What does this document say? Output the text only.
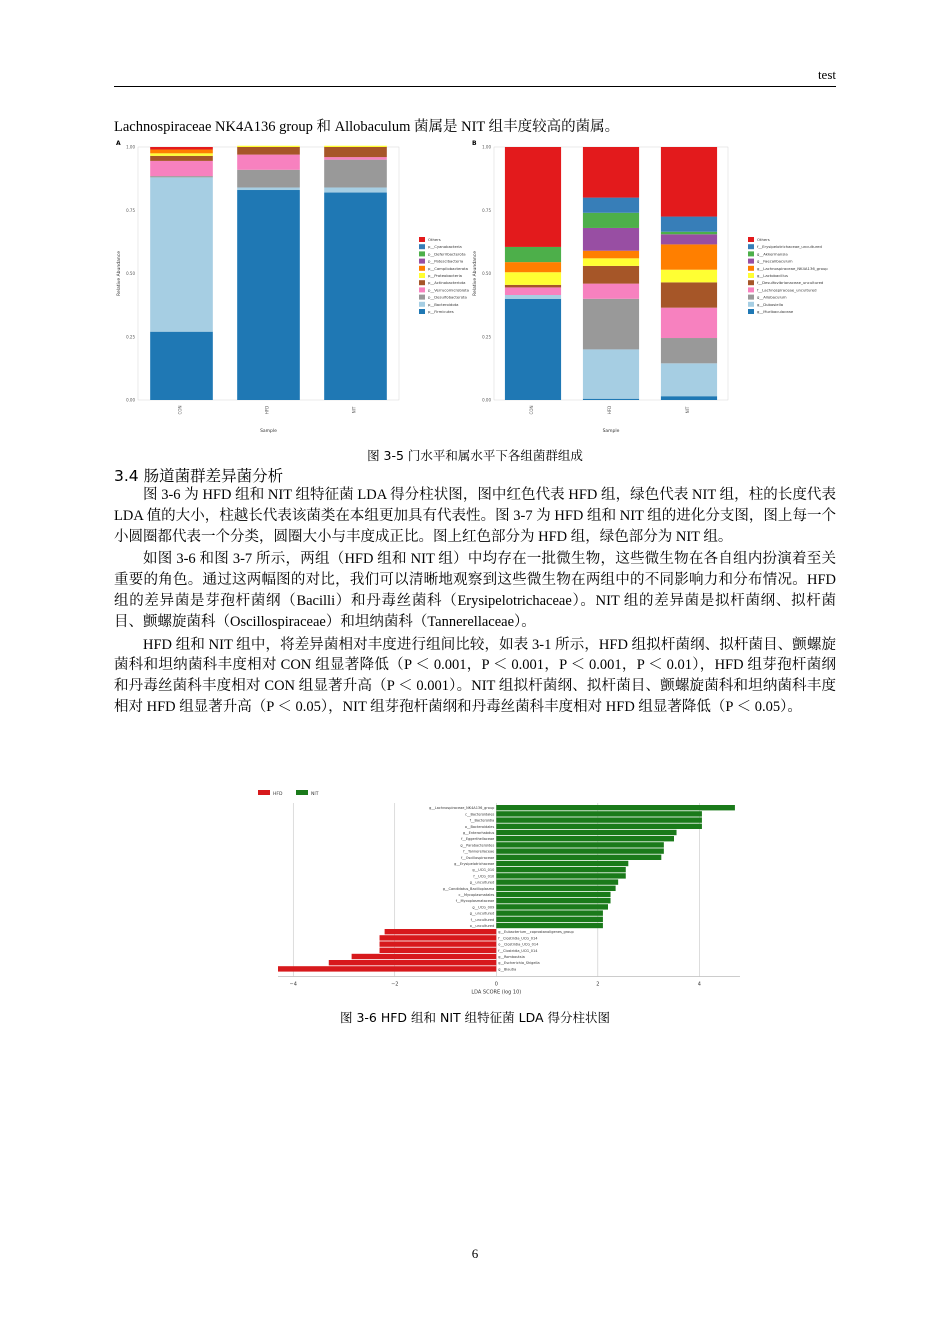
test
Lachnospiraceae NK4A136 group 和 Allobaculum 菌属是 NIT 组丰度较高的菌属。
A
0.00
0.25
0.50
0.75
1.00
Relative Abundance
CON	HFD	NIT
Sample
Others
p__Cyanobacteria
p__Deferribacterota
p__Patescibacteria
p__Campilobacterota
p__Proteobacteria
p__Actinobacteriota
p__Verrucomicrobiota
p__Desulfobacterota
p__Bacteroidota
p__Firmicutes
B
0.00
0.25
0.50
0.75
1.00
Relative Abundance
CON	HFD	NIT
Sample
Others
f__Erysipelotrichaceae_uncultured
g__Akkermansia
g__Faecalibaculum
g__Lachnospiraceae_NK4A136_group
g__Lactobacillus
f__Desulfovibrionaceae_uncultured
f__Lachnospiraceae_uncultured
g__Allobaculum
g__Dubosiella
g__Muribaculaceae
图 3-5 门水平和属水平下各组菌群组成
3.4 肠道菌群差异菌分析

图 3-6 为 HFD 组和 NIT 组特征菌 LDA 得分柱状图，图中红色代表 HFD 组，绿色代表 NIT 组，柱的长度代表 LDA 值的大小，柱越长代表该菌类在本组更加具有代表性。图 3-7 为 HFD 组和 NIT 组的进化分支图，图上每一个小圆圈都代表一个分类，圆圈大小与丰度成正比。图上红色部分为 HFD 组，绿色部分为 NIT 组。

如图 3-6 和图 3-7 所示，两组（HFD 组和 NIT 组）中均存在一批微生物，这些微生物在各自组内扮演着至关重要的角色。通过这两幅图的对比，我们可以清晰地观察到这些微生物在两组中的不同影响力和分布情况。HFD 组的差异菌是芽孢杆菌纲（Bacilli）和丹毒丝菌科（Erysipelotrichaceae）。NIT 组的差异菌是拟杆菌纲、拟杆菌目、颤螺旋菌科（Oscillospiraceae）和坦纳菌科（Tannerellaceae）。

HFD 组和 NIT 组中，将差异菌相对丰度进行组间比较，如表 3-1 所示，HFD 组拟杆菌纲、拟杆菌目、颤螺旋菌科和坦纳菌科丰度相对 CON 组显著降低（P ＜ 0.001，P ＜ 0.001，P ＜ 0.001，P ＜ 0.01），HFD 组芽孢杆菌纲和丹毒丝菌科丰度相对 CON 组显著升高（P ＜ 0.001）。NIT 组拟杆菌纲、拟杆菌目、颤螺旋菌科和坦纳菌科丰度相对 HFD 组显著升高（P ＜ 0.05），NIT 组芽孢杆菌纲和丹毒丝菌科丰度相对 HFD 组显著降低（P ＜ 0.05）。

HFD	NIT
−4	−2	0	2	4
g__Lachnospiraceae_NK4A136_group
c__Bacteroidales
f__Bacteroidia
o__Bacteroidales
g__Enterorhabdus
f__Eggerthellaceae
g__Parabacteroides
f__Tannerellaceae
f__Oscillospiraceae
g__Erysipelotrichaceae
g__UCG_010
f__UCG_010
g__uncultured
g__Candidatus_Bacilloplasma
c__Mycoplasmatales
f__Mycoplasmataceae
g__UCG_009
g__uncultured
f__uncultured
o__uncultured
g__Eubacterium__coprostanoligenes_group
f__Clostridia_UCG_014
o__Clostridia_UCG_014
f__Clostridia_UCG_014
g__Romboutsia
g__Escherichia_Shigella
g__Blautia
LDA SCORE (log 10)
图 3-6 HFD 组和 NIT 组特征菌 LDA 得分柱状图
6
